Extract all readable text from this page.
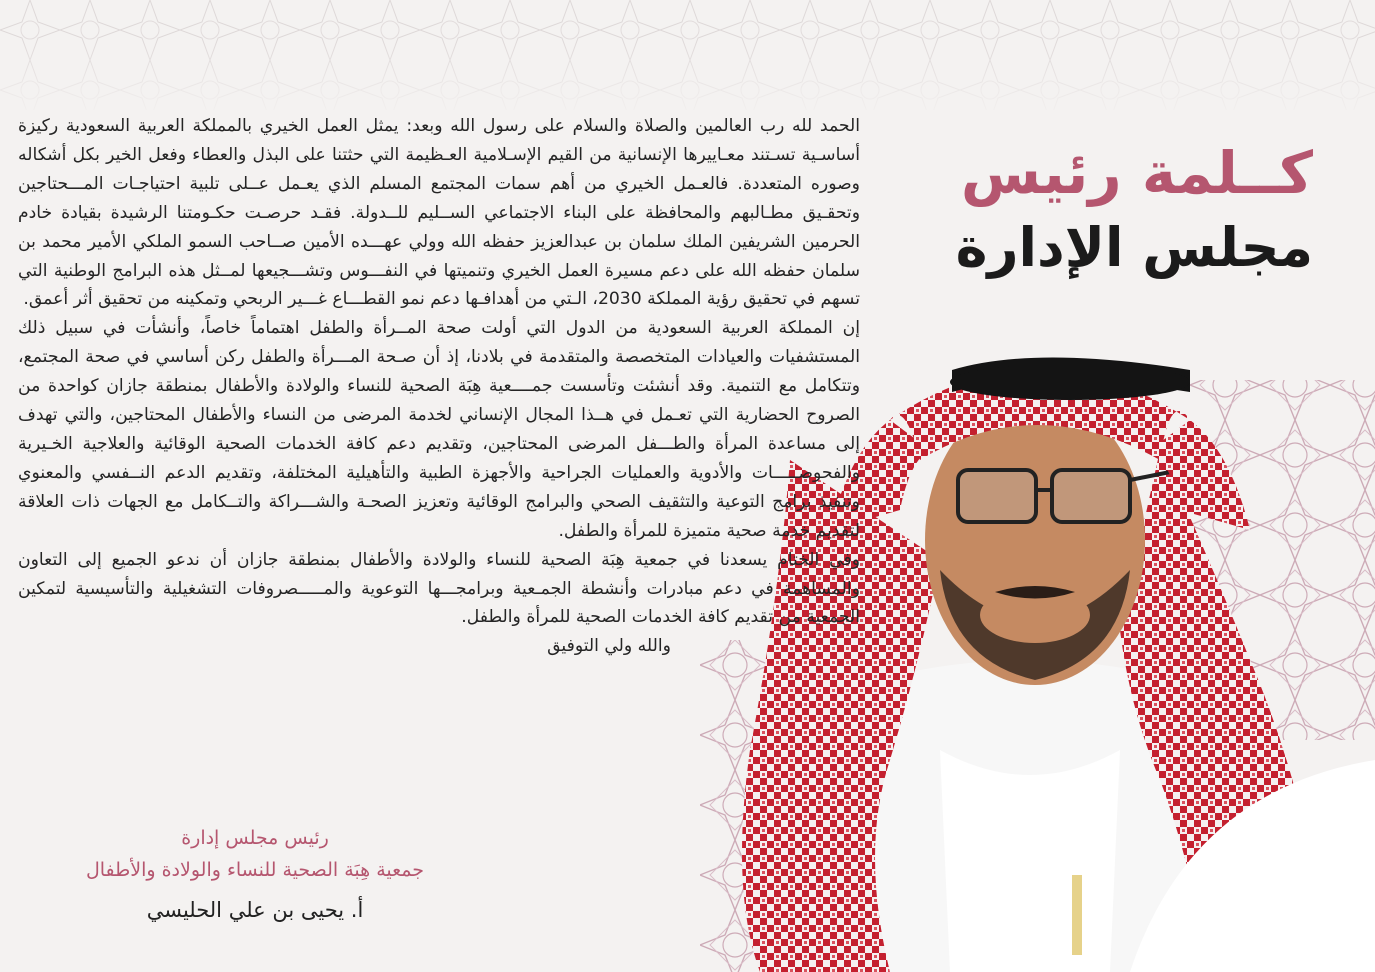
كــلمة رئيس
مجلس الإدارة

الحمد لله رب العالمين والصلاة والسلام على رسول الله وبعد: يمثل العمل الخيري بالمملكة العربية السعودية ركيزة أساسـية تسـتند معـاييرها الإنسانية من القيم الإسـلامية العـظيمة التي حثتنا على البذل والعطاء وفعل الخير بكل أشكاله وصوره المتعددة. فالعـمل الخيري من أهم سمات المجتمع المسلم الذي يعـمل عــلى تلبية احتياجـات المـــحتاجين وتحقـيق مطـالبهم والمحافظة على البناء الاجتماعي الســليم للــدولة. فقـد حرصـت حكـومتنا الرشيدة بقيادة خادم الحرمين الشريفين الملك سلمان بن عبدالعزيز حفظه الله وولي عهـــده الأمين صــاحب السمو الملكي الأمير محمد بن سلمان حفظه الله على دعم مسيرة العمل الخيري وتنميتها في النفـــوس وتشـــجيعها لمــثل هذه البرامج الوطنية التي تسهم في تحقيق رؤية المملكة 2030، الـتي من أهدافـها دعم نمو القطـــاع غـــير الربحي وتمكينه من تحقيق أثر أعمق.

إن المملكة العربية السعودية من الدول التي أولت صحة المــرأة والطفل اهتماماً خاصاً، وأنشأت في سبيل ذلك المستشفيات والعيادات المتخصصة والمتقدمة في بلادنا، إذ أن صـحة المـــرأة والطفل ركن أساسي في صحة المجتمع، وتتكامل مع التنمية. وقد أنشئت وتأسست جمــــعية هِبَة الصحية للنساء والولادة والأطفال بمنطقة جازان كواحدة من الصروح الحضارية التي تعـمل في هــذا المجال الإنساني لخدمة المرضى من النساء والأطفال المحتاجين، والتي تهدف إلى مساعدة المرأة والطـــفل المرضى المحتاجين، وتقديم دعم كافة الخدمات الصحية الوقائية والعلاجية الخـيرية والفحوصـــــات والأدوية والعمليات الجراحية والأجهزة الطبية والتأهيلية المختلفة، وتقديم الدعم النــفسي والمعنوي وتنفيذ برامج التوعية والتثقيف الصحي والبرامج الوقائية وتعزيز الصحـة والشـــراكة والتــكامل مع الجهات ذات العلاقة لتقديم خدمة صحية متميزة للمرأة والطفل.

وفي الختام يسعدنا في جمعية هِبَة الصحية للنساء والولادة والأطفال بمنطقة جازان أن ندعو الجميع إلى التعاون والمساهمة في دعم مبادرات وأنشطة الجمـعية وبرامجـــها التوعوية والمـــــصروفات التشغيلية والتأسيسية لتمكين الجمعية من تقديم كافة الخدمات الصحية للمرأة والطفل.

والله ولي التوفيق

رئيس مجلس إدارة
جمعية هِبَة الصحية للنساء والولادة والأطفال
أ. يحيى بن علي الحليسي
